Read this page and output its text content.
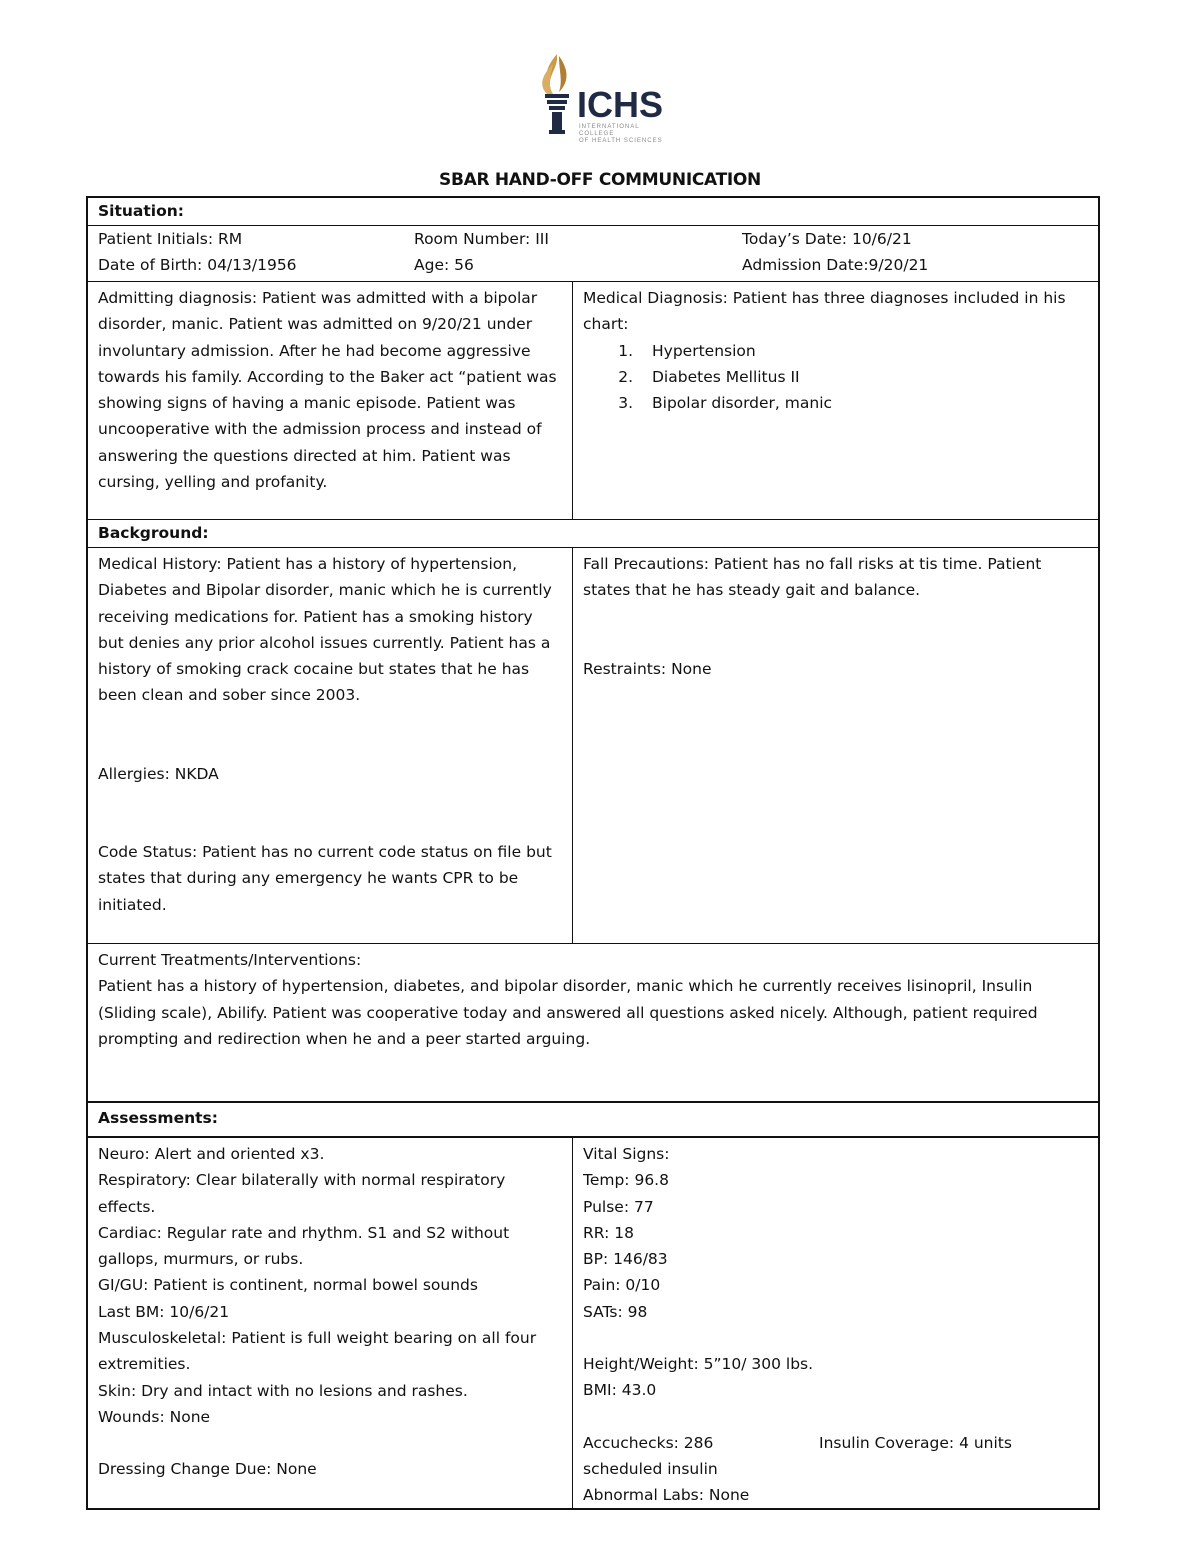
ICHS
INTERNATIONAL COLLEGE
OF HEALTH SCIENCES
SBAR HAND-OFF COMMUNICATION
Situation:
Patient Initials: RM	Room Number: III	Today’s Date: 10/6/21
Date of Birth: 04/13/1956	Age: 56	Admission Date:9/20/21

Admitting diagnosis: Patient was admitted with a bipolar disorder, manic. Patient was admitted on 9/20/21 under involuntary admission. After he had become aggressive towards his family. According to the Baker act “patient was showing signs of having a manic episode. Patient was uncooperative with the admission process and instead of answering the questions directed at him. Patient was cursing, yelling and profanity.

Medical Diagnosis: Patient has three diagnoses included in his chart:

1. Hypertension
2. Diabetes Mellitus II
3. Bipolar disorder, manic
Background:

Medical History: Patient has a history of hypertension, Diabetes and Bipolar disorder, manic which he is currently receiving medications for. Patient has a smoking history but denies any prior alcohol issues currently. Patient has a history of smoking crack cocaine but states that he has been clean and sober since 2003.

Allergies: NKDA

Code Status: Patient has no current code status on file but states that during any emergency he wants CPR to be initiated.

Fall Precautions: Patient has no fall risks at tis time. Patient states that he has steady gait and balance.

Restraints: None

Current Treatments/Interventions:

Patient has a history of hypertension, diabetes, and bipolar disorder, manic which he currently receives lisinopril, Insulin (Sliding scale), Abilify. Patient was cooperative today and answered all questions asked nicely. Although, patient required prompting and redirection when he and a peer started arguing.

Assessments:

Neuro: Alert and oriented x3.

Respiratory: Clear bilaterally with normal respiratory effects.

Cardiac: Regular rate and rhythm. S1 and S2 without gallops, murmurs, or rubs.

GI/GU: Patient is continent, normal bowel sounds

Last BM: 10/6/21

Musculoskeletal: Patient is full weight bearing on all four extremities.

Skin: Dry and intact with no lesions and rashes.

Wounds: None

Dressing Change Due: None

Vital Signs:

Temp: 96.8

Pulse: 77

RR: 18

BP: 146/83

Pain: 0/10

SATs: 98

Height/Weight: 5”10/ 300 lbs.

BMI: 43.0

Accuchecks: 286	Insulin Coverage: 4 units

scheduled insulin

Abnormal Labs: None
